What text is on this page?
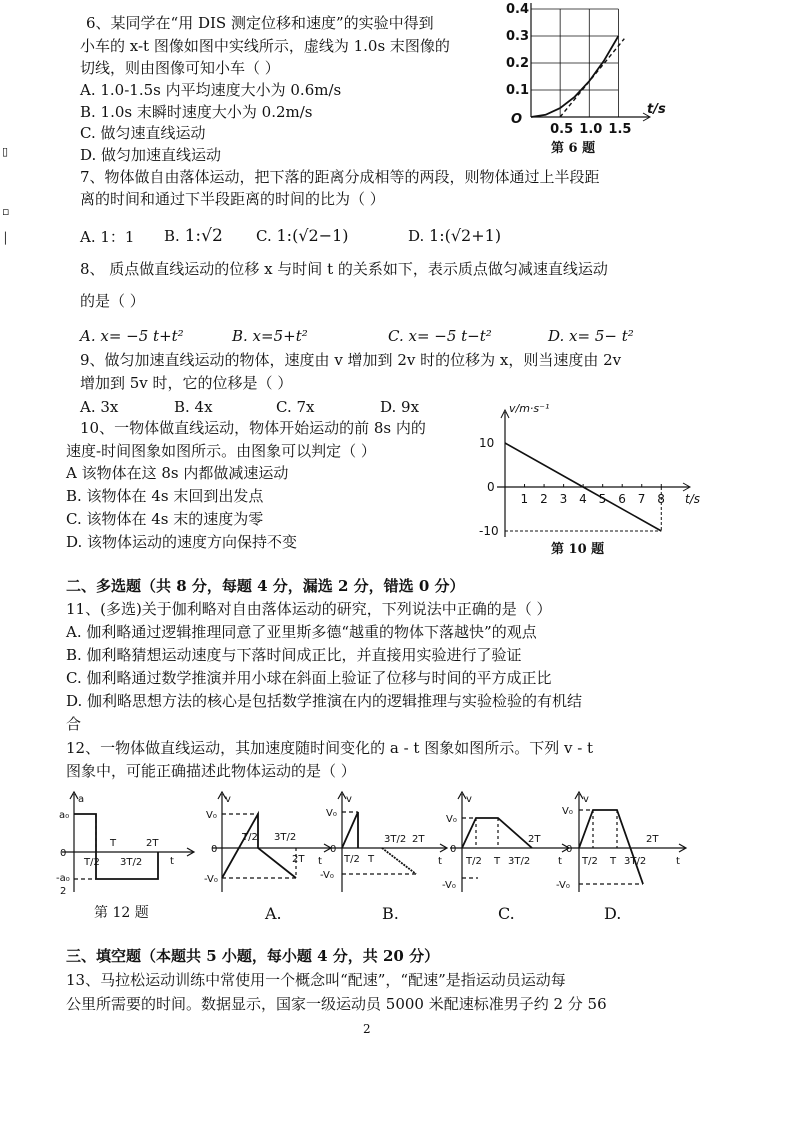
▯
▫
│
6、某同学在“用 DIS 测定位移和速度”的实验中得到
小车的 x-t 图像如图中实线所示，虚线为 1.0s 末图像的
切线，则由图像可知小车（ ）
A. 1.0-1.5s 内平均速度大小为 0.6m/s
B. 1.0s 末瞬时速度大小为 0.2m/s
C. 做匀速直线运动
D. 做匀加速直线运动
0.1
0.2
0.3
0.4
0.5 1.0 1.5
O
t/s
第 6 题
7、物体做自由落体运动，把下落的距离分成相等的两段，则物体通过上半段距
离的时间和通过下半段距离的时间的比为（ ）
A. 1：1 B. 1:√2 C. 1:(√2−1)	D. 1:(√2+1)
8、 质点做直线运动的位移 x 与时间 t 的关系如下，表示质点做匀减速直线运动
的是（ ）
A. x= −5 t+t²	B. x=5+t²	C. x= −5 t−t²	D. x= 5− t²
9、做匀加速直线运动的物体，速度由 v 增加到 2v 时的位移为 x，则当速度由 2v
增加到 5v 时，它的位移是（ ）
A. 3x	B. 4x	C. 7x	D. 9x
10、一物体做直线运动，物体开始运动的前 8s 内的
速度-时间图象如图所示。由图象可以判定（ ）
A 该物体在这 8s 内都做减速运动
B. 该物体在 4s 末回到出发点
C. 该物体在 4s 末的速度为零
D. 该物体运动的速度方向保持不变
v/m·s⁻¹
10
0
-10
1 2 3 4 5 6 7 8 t/s
第 10 题
二、多选题（共 8 分，每题 4 分，漏选 2 分，错选 0 分）
11、(多选)关于伽利略对自由落体运动的研究，下列说法中正确的是（ ）
A. 伽利略通过逻辑推理同意了亚里斯多德“越重的物体下落越快”的观点
B. 伽利略猜想运动速度与下落时间成正比，并直接用实验进行了验证
C. 伽利略通过数学推演并用小球在斜面上验证了位移与时间的平方成正比
D. 伽利略思想方法的核心是包括数学推演在内的逻辑推理与实验检验的有机结
合
12、一物体做直线运动，其加速度随时间变化的 a - t 图象如图所示。下列 v - t
图象中，可能正确描述此物体运动的是（ ）
a
a₀
0
-a₀
2
T/2
T
3T/2
2T
t
v
V₀
0
-V₀
T/2 3T/2
2T t
v
V₀
0
-V₀
T/2 T
3T/2 2T
t
v
V₀
0
-V₀
T/2 T 3T/2
2T
t
v
V₀
0
-V₀
T/2 T 3T/2
2T
t
第 12 题	A.	B.	C.	D.
三、填空题（本题共 5 小题，每小题 4 分，共 20 分）
13、马拉松运动训练中常使用一个概念叫“配速”，“配速”是指运动员运动每
公里所需要的时间。数据显示，国家一级运动员 5000 米配速标准男子约 2 分 56
2
